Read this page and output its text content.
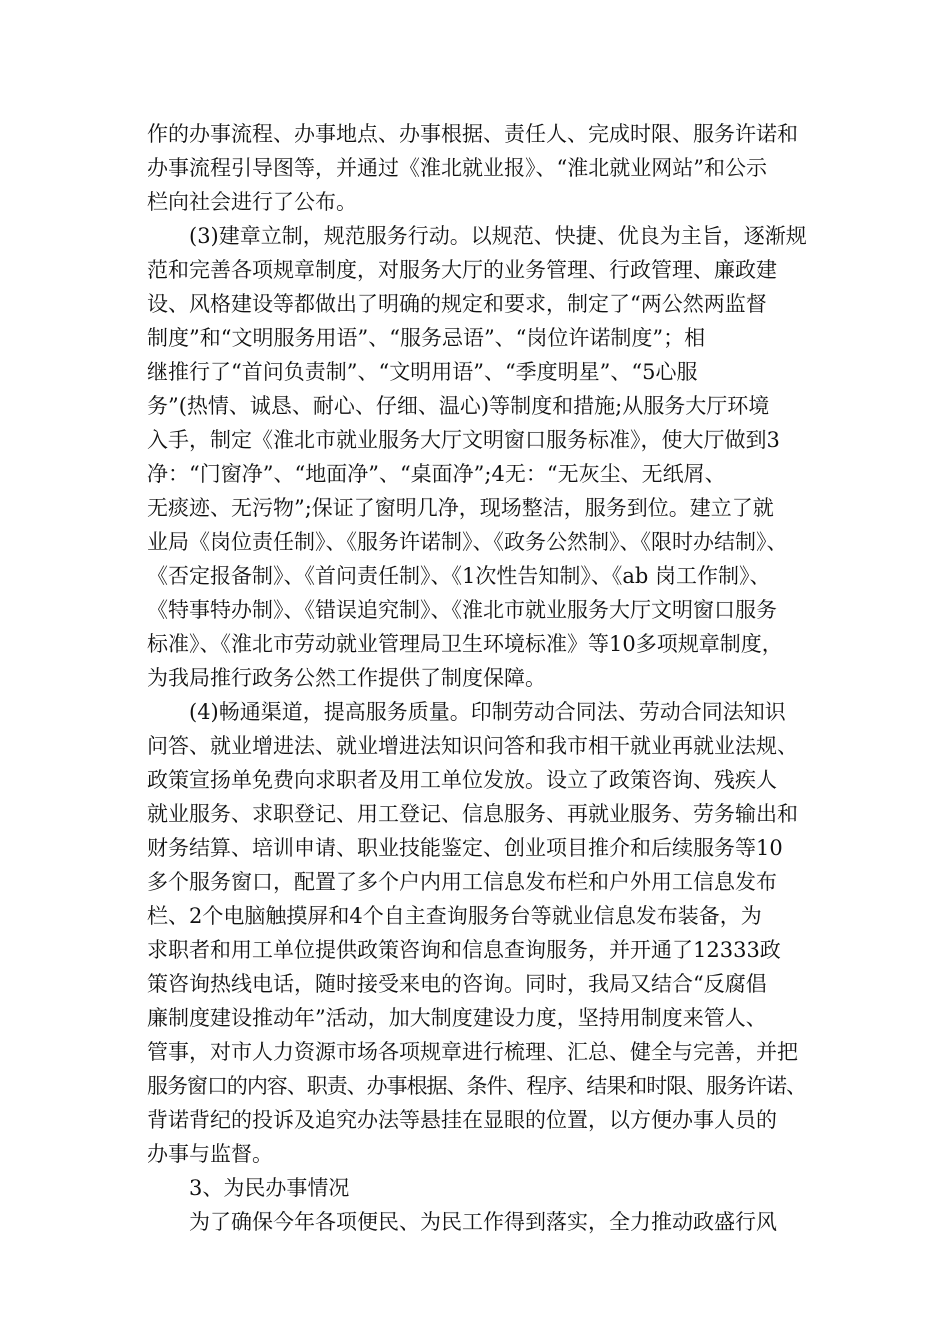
作的办事流程、办事地点、办事根据、责任人、完成时限、服务许诺和
办事流程引导图等，并通过《淮北就业报》、“淮北就业网站”和公示
栏向社会进行了公布。
(3)建章立制，规范服务行动。以规范、快捷、优良为主旨，逐渐规
范和完善各项规章制度，对服务大厅的业务管理、行政管理、廉政建
设、风格建设等都做出了明确的规定和要求，制定了“两公然两监督
制度”和“文明服务用语”、“服务忌语”、“岗位许诺制度”；相
继推行了“首问负责制”、“文明用语”、“季度明星”、“5心服
务”(热情、诚恳、耐心、仔细、温心)等制度和措施;从服务大厅环境
入手，制定《淮北市就业服务大厅文明窗口服务标准》，使大厅做到3
净：“门窗净”、“地面净”、“桌面净”;4无：“无灰尘、无纸屑、
无痰迹、无污物”;保证了窗明几净，现场整洁，服务到位。建立了就
业局《岗位责任制》、《服务许诺制》、《政务公然制》、《限时办结制》、
《否定报备制》、《首问责任制》、《1次性告知制》、《ab 岗工作制》、
《特事特办制》、《错误追究制》、《淮北市就业服务大厅文明窗口服务
标准》、《淮北市劳动就业管理局卫生环境标准》等10多项规章制度，
为我局推行政务公然工作提供了制度保障。
(4)畅通渠道，提高服务质量。印制劳动合同法、劳动合同法知识
问答、就业增进法、就业增进法知识问答和我市相干就业再就业法规、
政策宣扬单免费向求职者及用工单位发放。设立了政策咨询、残疾人
就业服务、求职登记、用工登记、信息服务、再就业服务、劳务输出和
财务结算、培训申请、职业技能鉴定、创业项目推介和后续服务等10
多个服务窗口，配置了多个户内用工信息发布栏和户外用工信息发布
栏、2个电脑触摸屏和4个自主查询服务台等就业信息发布装备，为
求职者和用工单位提供政策咨询和信息查询服务，并开通了12333政
策咨询热线电话，随时接受来电的咨询。同时，我局又结合“反腐倡
廉制度建设推动年”活动，加大制度建设力度，坚持用制度来管人、
管事，对市人力资源市场各项规章进行梳理、汇总、健全与完善，并把
服务窗口的内容、职责、办事根据、条件、程序、结果和时限、服务许诺、
背诺背纪的投诉及追究办法等悬挂在显眼的位置，以方便办事人员的
办事与监督。
3、为民办事情况
为了确保今年各项便民、为民工作得到落实，全力推动政盛行风
